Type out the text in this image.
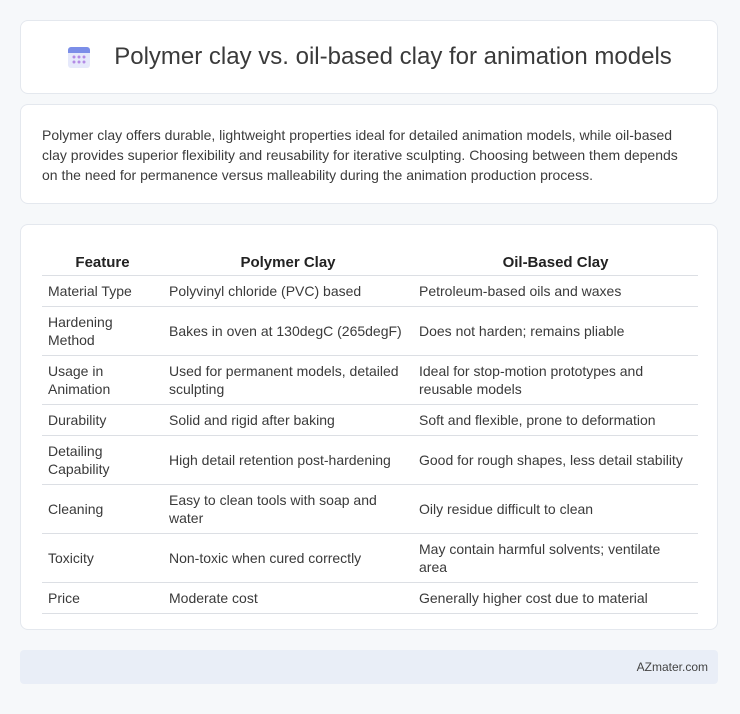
Polymer clay vs. oil-based clay for animation models
Polymer clay offers durable, lightweight properties ideal for detailed animation models, while oil-based clay provides superior flexibility and reusability for iterative sculpting. Choosing between them depends on the need for permanence versus malleability during the animation production process.
Feature	Polymer Clay	Oil-Based Clay
Material Type	Polyvinyl chloride (PVC) based	Petroleum-based oils and waxes
Hardening Method	Bakes in oven at 130degC (265degF)	Does not harden; remains pliable
Usage in Animation	Used for permanent models, detailed sculpting	Ideal for stop-motion prototypes and reusable models
Durability	Solid and rigid after baking	Soft and flexible, prone to deformation
Detailing Capability	High detail retention post-hardening	Good for rough shapes, less detail stability
Cleaning	Easy to clean tools with soap and water	Oily residue difficult to clean
Toxicity	Non-toxic when cured correctly	May contain harmful solvents; ventilate area
Price	Moderate cost	Generally higher cost due to material
AZmater.com
